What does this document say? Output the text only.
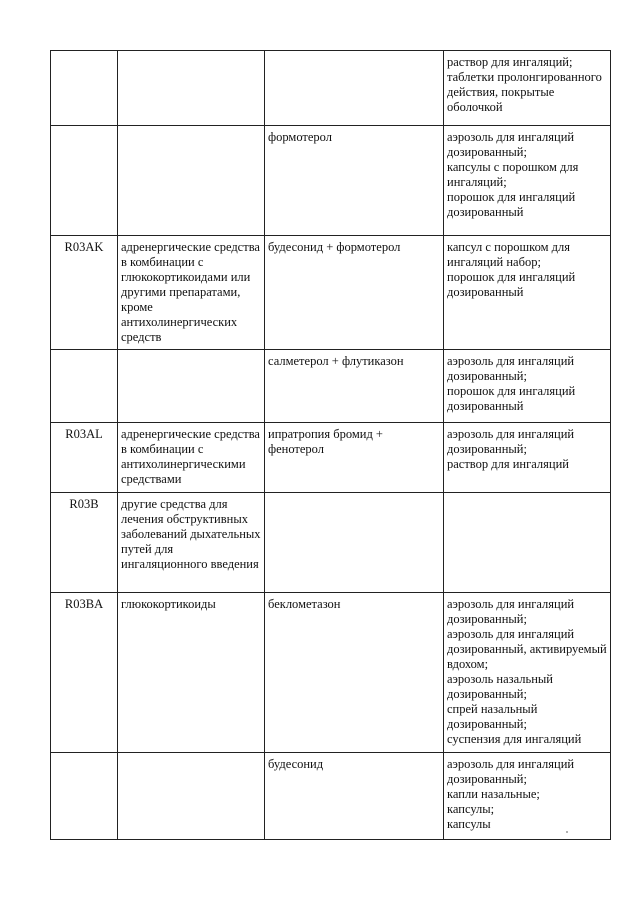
			раствор для ингаляций;
таблетки пролонгированного действия, покрытые оболочкой
		формотерол	аэрозоль для ингаляций дозированный;
капсулы с порошком для ингаляций;
порошок для ингаляций дозированный
R03AK	адренергические средства в комбинации с глюкокортикоидами или другими препаратами, кроме антихолинергических средств	будесонид + формотерол	капсул с порошком для ингаляций набор;
порошок для ингаляций дозированный
		салметерол + флутиказон	аэрозоль для ингаляций дозированный;
порошок для ингаляций дозированный
R03AL	адренергические средства в комбинации с антихолинергическими средствами	ипратропия бромид + фенотерол	аэрозоль для ингаляций дозированный;
раствор для ингаляций
R03B	другие средства для лечения обструктивных заболеваний дыхательных путей для ингаляционного введения		
R03BA	глюкокортикоиды	беклометазон	аэрозоль для ингаляций дозированный;
аэрозоль для ингаляций дозированный, активируемый вдохом;
аэрозоль назальный дозированный;
спрей назальный дозированный;
суспензия для ингаляций
		будесонид	аэрозоль для ингаляций дозированный;
капли назальные;
капсулы;
капсулы
